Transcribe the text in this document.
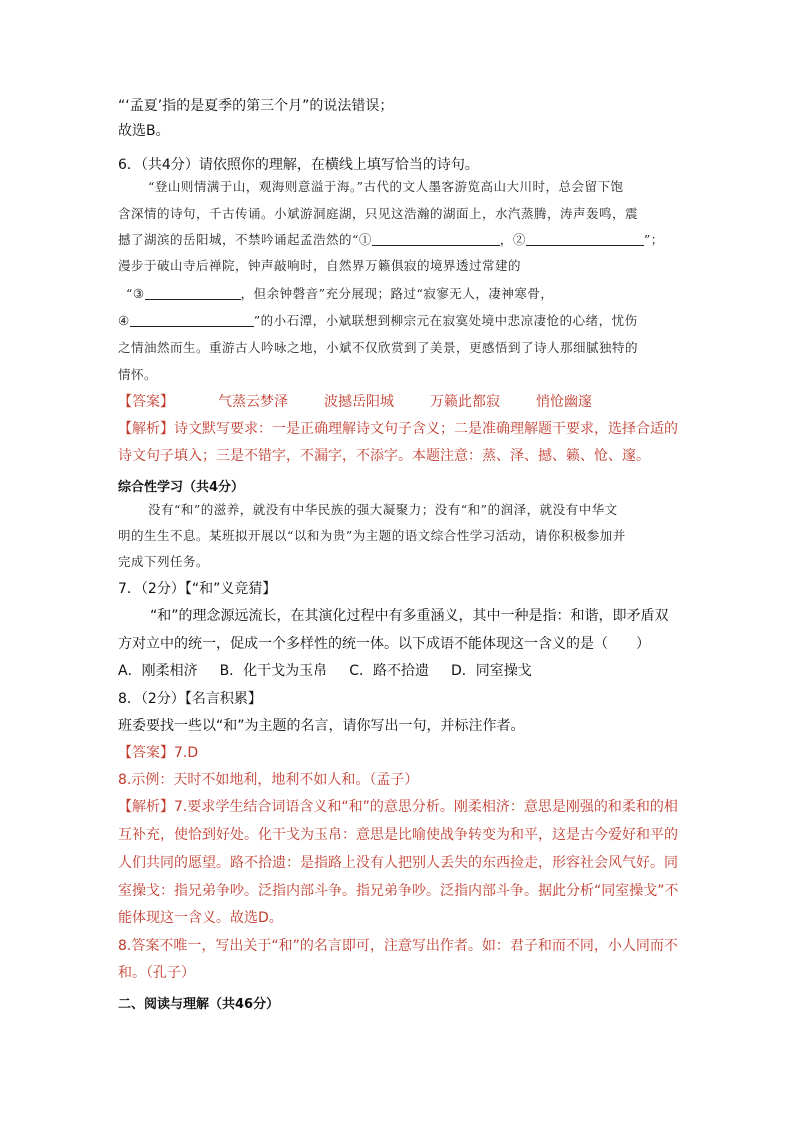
“‘孟夏’指的是夏季的第三个月”的说法错误；
故选B。
6．（共4分）请依照你的理解，在横线上填写恰当的诗句。
“登山则情满于山，观海则意溢于海。”古代的文人墨客游览高山大川时，总会留下饱
含深情的诗句，千古传诵。小斌游洞庭湖，只见这浩瀚的湖面上，水汽蒸腾，涛声轰鸣，震
撼了湖滨的岳阳城，不禁吟诵起孟浩然的“①	，②	”；
漫步于破山寺后禅院，钟声敲响时，自然界万籁俱寂的境界透过常建的
“③	，但余钟磬音”充分展现；路过“寂寥无人，凄神寒骨，
④	”的小石潭，小斌联想到柳宗元在寂寞处境中悲凉凄怆的心绪，忧伤
之情油然而生。重游古人吟咏之地，小斌不仅欣赏到了美景，更感悟到了诗人那细腻独特的
情怀。
【答案】	气蒸云梦泽	波撼岳阳城	万籁此都寂	悄怆幽邃
【解析】诗文默写要求：一是正确理解诗文句子含义；二是准确理解题干要求，选择合适的
诗文句子填入；三是不错字，不漏字，不添字。本题注意：蒸、泽、撼、籁、怆、邃。
综合性学习（共4分）
没有“和”的滋养，就没有中华民族的强大凝聚力；没有“和”的润泽，就没有中华文
明的生生不息。某班拟开展以“以和为贵”为主题的语文综合性学习活动，请你积极参加并
完成下列任务。
7．（2分）【“和”义竞猜】
“和”的理念源远流长，在其演化过程中有多重涵义，其中一种是指：和谐，即矛盾双
方对立中的统一，促成一个多样性的统一体。以下成语不能体现这一含义的是（　　）
A．刚柔相济 B．化干戈为玉帛 C．路不拾遗 D．同室操戈
8．（2分）【名言积累】
班委要找一些以“和”为主题的名言，请你写出一句，并标注作者。
【答案】7.D
8.示例：天时不如地利，地利不如人和。（孟子）
【解析】7.要求学生结合词语含义和“和”的意思分析。刚柔相济：意思是刚强的和柔和的相
互补充，使恰到好处。化干戈为玉帛：意思是比喻使战争转变为和平，这是古今爱好和平的
人们共同的愿望。路不拾遗：是指路上没有人把别人丢失的东西捡走，形容社会风气好。同
室操戈：指兄弟争吵。泛指内部斗争。指兄弟争吵。泛指内部斗争。据此分析“同室操戈”不
能体现这一含义。故选D。
8.答案不唯一，写出关于“和”的名言即可，注意写出作者。如：君子和而不同，小人同而不
和。（孔子）
二、阅读与理解（共46分）
